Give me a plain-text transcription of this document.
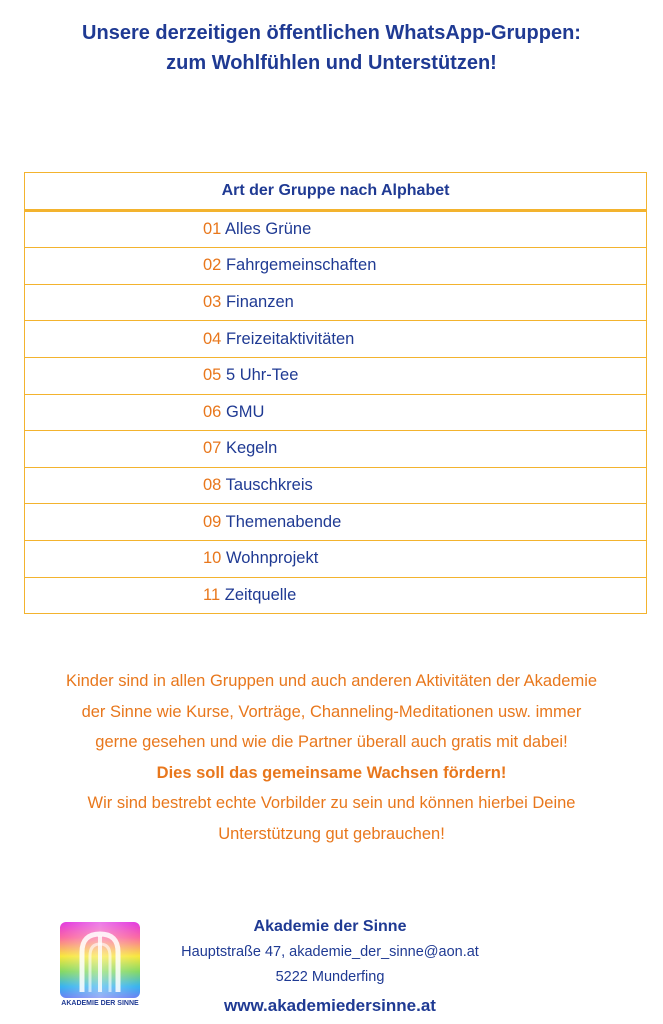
Unsere derzeitigen öffentlichen WhatsApp-Gruppen:
zum Wohlfühlen und Unterstützen!
Art der Gruppe nach Alphabet

01 Alles Grüne

02 Fahrgemeinschaften

03 Finanzen

04 Freizeitaktivitäten

05 5 Uhr-Tee

06 GMU

07 Kegeln

08 Tauschkreis

09 Themenabende

10 Wohnprojekt

11 Zeitquelle
Kinder sind in allen Gruppen und auch anderen Aktivitäten der Akademie
der Sinne wie Kurse, Vorträge, Channeling-Meditationen usw. immer
gerne gesehen und wie die Partner überall auch gratis mit dabei!
Dies soll das gemeinsame Wachsen fördern!
Wir sind bestrebt echte Vorbilder zu sein und können hierbei Deine
Unterstützung gut gebrauchen!
AKADEMIE DER SINNE
Akademie der Sinne
Hauptstraße 47, akademie_der_sinne@aon.at
5222 Munderfing
www.akademiedersinne.at
